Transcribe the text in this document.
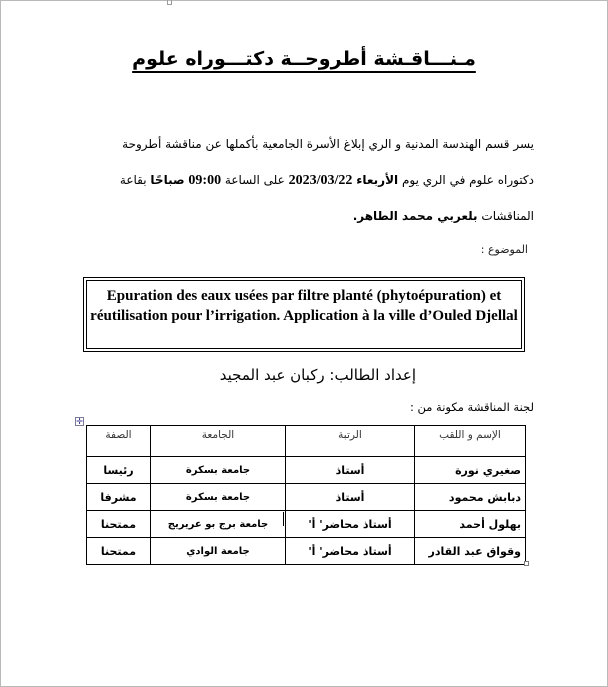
مـنـــاقـشة أطروحــة دكتـــوراه علوم
يسر قسم الهندسة المدنية و الري إبلاغ الأسرة الجامعية بأكملها عن مناقشة أطروحة
دكتوراه علوم في الري يوم الأربعاء 2023/03/22 على الساعة 09:00 صباحًا بقاعة
المناقشات بلعربي محمد الطاهر.
الموضوع :
Epuration des eaux usées par filtre planté (phytoépuration) et réutilisation pour l’irrigation. Application à la ville d’Ouled Djellal
إعداد الطالب: ركبان عبد المجيد
لجنة المناقشة مكونة من :
✛
الإسم و اللقب	الرتبة	الجامعة	الصفة
صغيري نورة	أستاذ	جامعة بسكرة	رئيسا
دبابش محمود	أستاذ	جامعة بسكرة	مشرفا
بهلول أحمد	أستاذ محاضر' أ'	جامعة برج بو عريريج	ممتحنا
وقواق عبد القادر	أستاذ محاضر' أ'	جامعة الوادي	ممتحنا
